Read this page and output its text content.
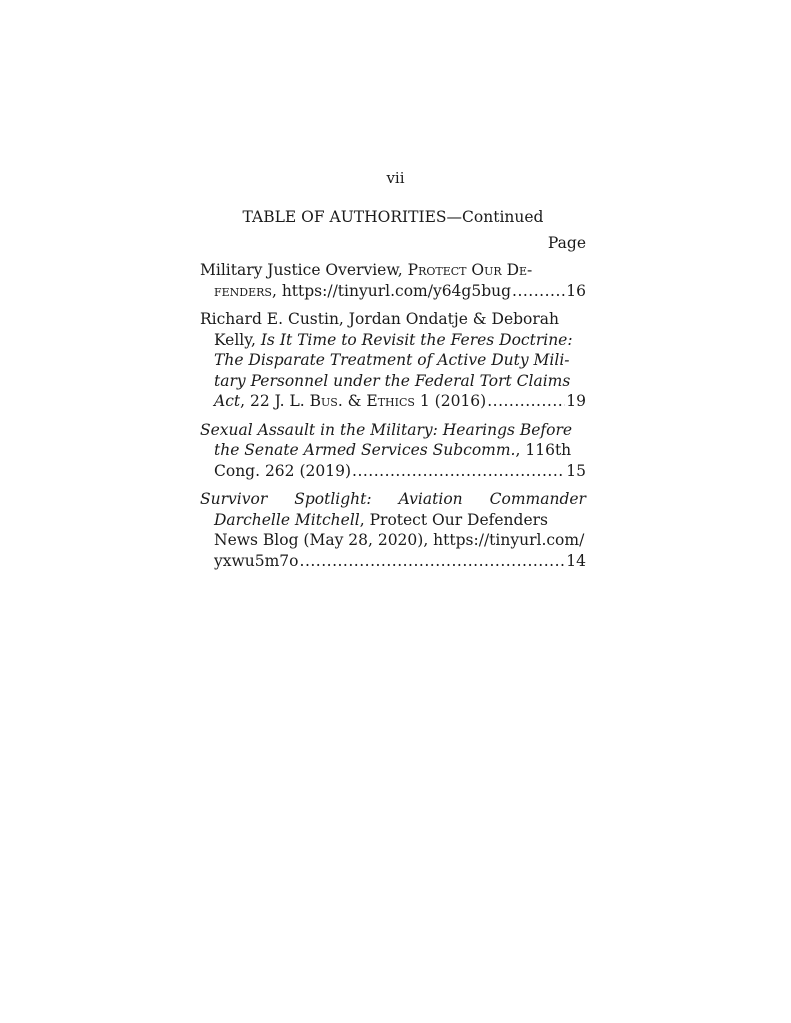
vii
TABLE OF AUTHORITIES—Continued
Page
Military Justice Overview, Protect Our De-
fenders, https://tinyurl.com/y64g5bug .....	16
Richard E. Custin, Jordan Ondatje & Deborah
Kelly, Is It Time to Revisit the Feres Doctrine:
The Disparate Treatment of Active Duty Mili-
tary Personnel under the Federal Tort Claims
Act, 22 J. L. Bus. & Ethics 1 (2016) .....	19
Sexual Assault in the Military: Hearings Before
the Senate Armed Services Subcomm., 116th
Cong. 262 (2019) .....	15
Survivor Spotlight: Aviation Commander
Darchelle Mitchell, Protect Our Defenders
News Blog (May 28, 2020), https://tinyurl.com/
yxwu5m7o .....	14
